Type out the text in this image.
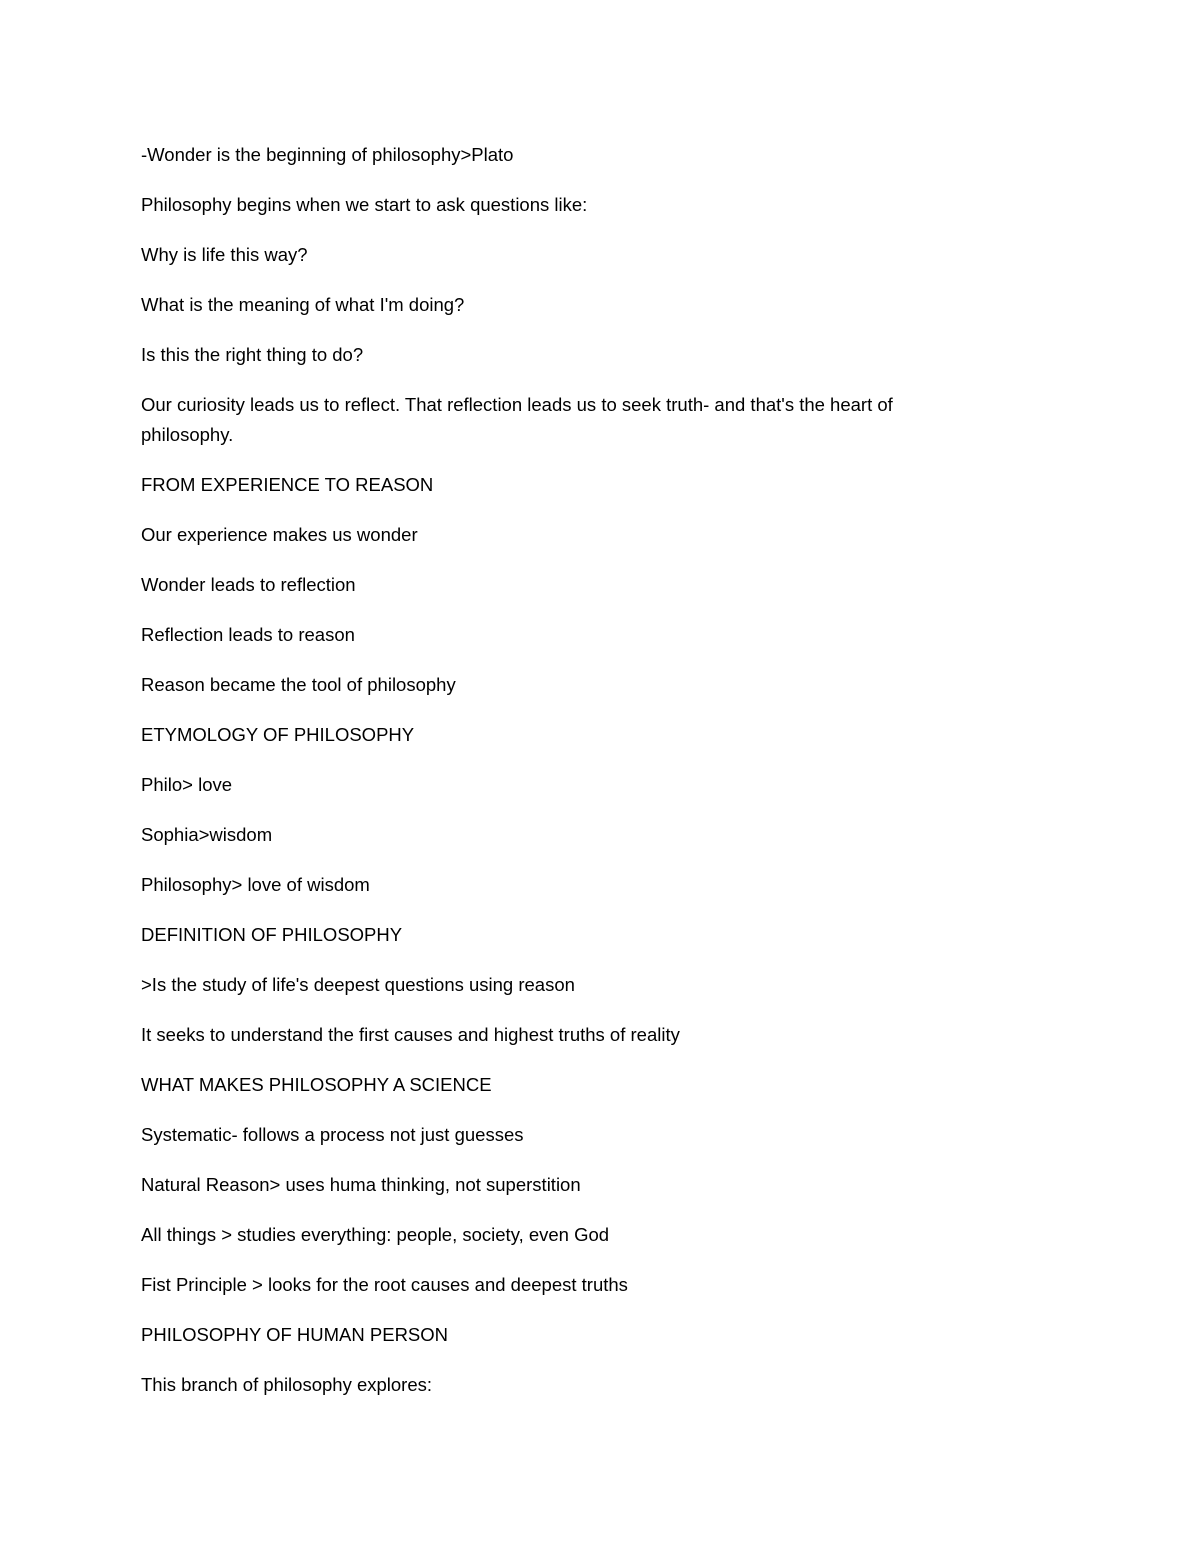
-Wonder is the beginning of philosophy>Plato

Philosophy begins when we start to ask questions like:

Why is life this way?

What is the meaning of what I'm doing?

Is this the right thing to do?

Our curiosity leads us to reflect. That reflection leads us to seek truth- and that's the heart of philosophy.

FROM EXPERIENCE TO REASON

Our experience makes us wonder

Wonder leads to reflection

Reflection leads to reason

Reason became the tool of philosophy

ETYMOLOGY OF PHILOSOPHY

Philo> love

Sophia>wisdom

Philosophy> love of wisdom

DEFINITION OF PHILOSOPHY

>Is the study of life's deepest questions using reason

It seeks to understand the first causes and highest truths of reality

WHAT MAKES PHILOSOPHY A SCIENCE

Systematic- follows a process not just guesses

Natural Reason> uses huma thinking, not superstition

All things > studies everything: people, society, even God

Fist Principle > looks for the root causes and deepest truths

PHILOSOPHY OF HUMAN PERSON

This branch of philosophy explores:
